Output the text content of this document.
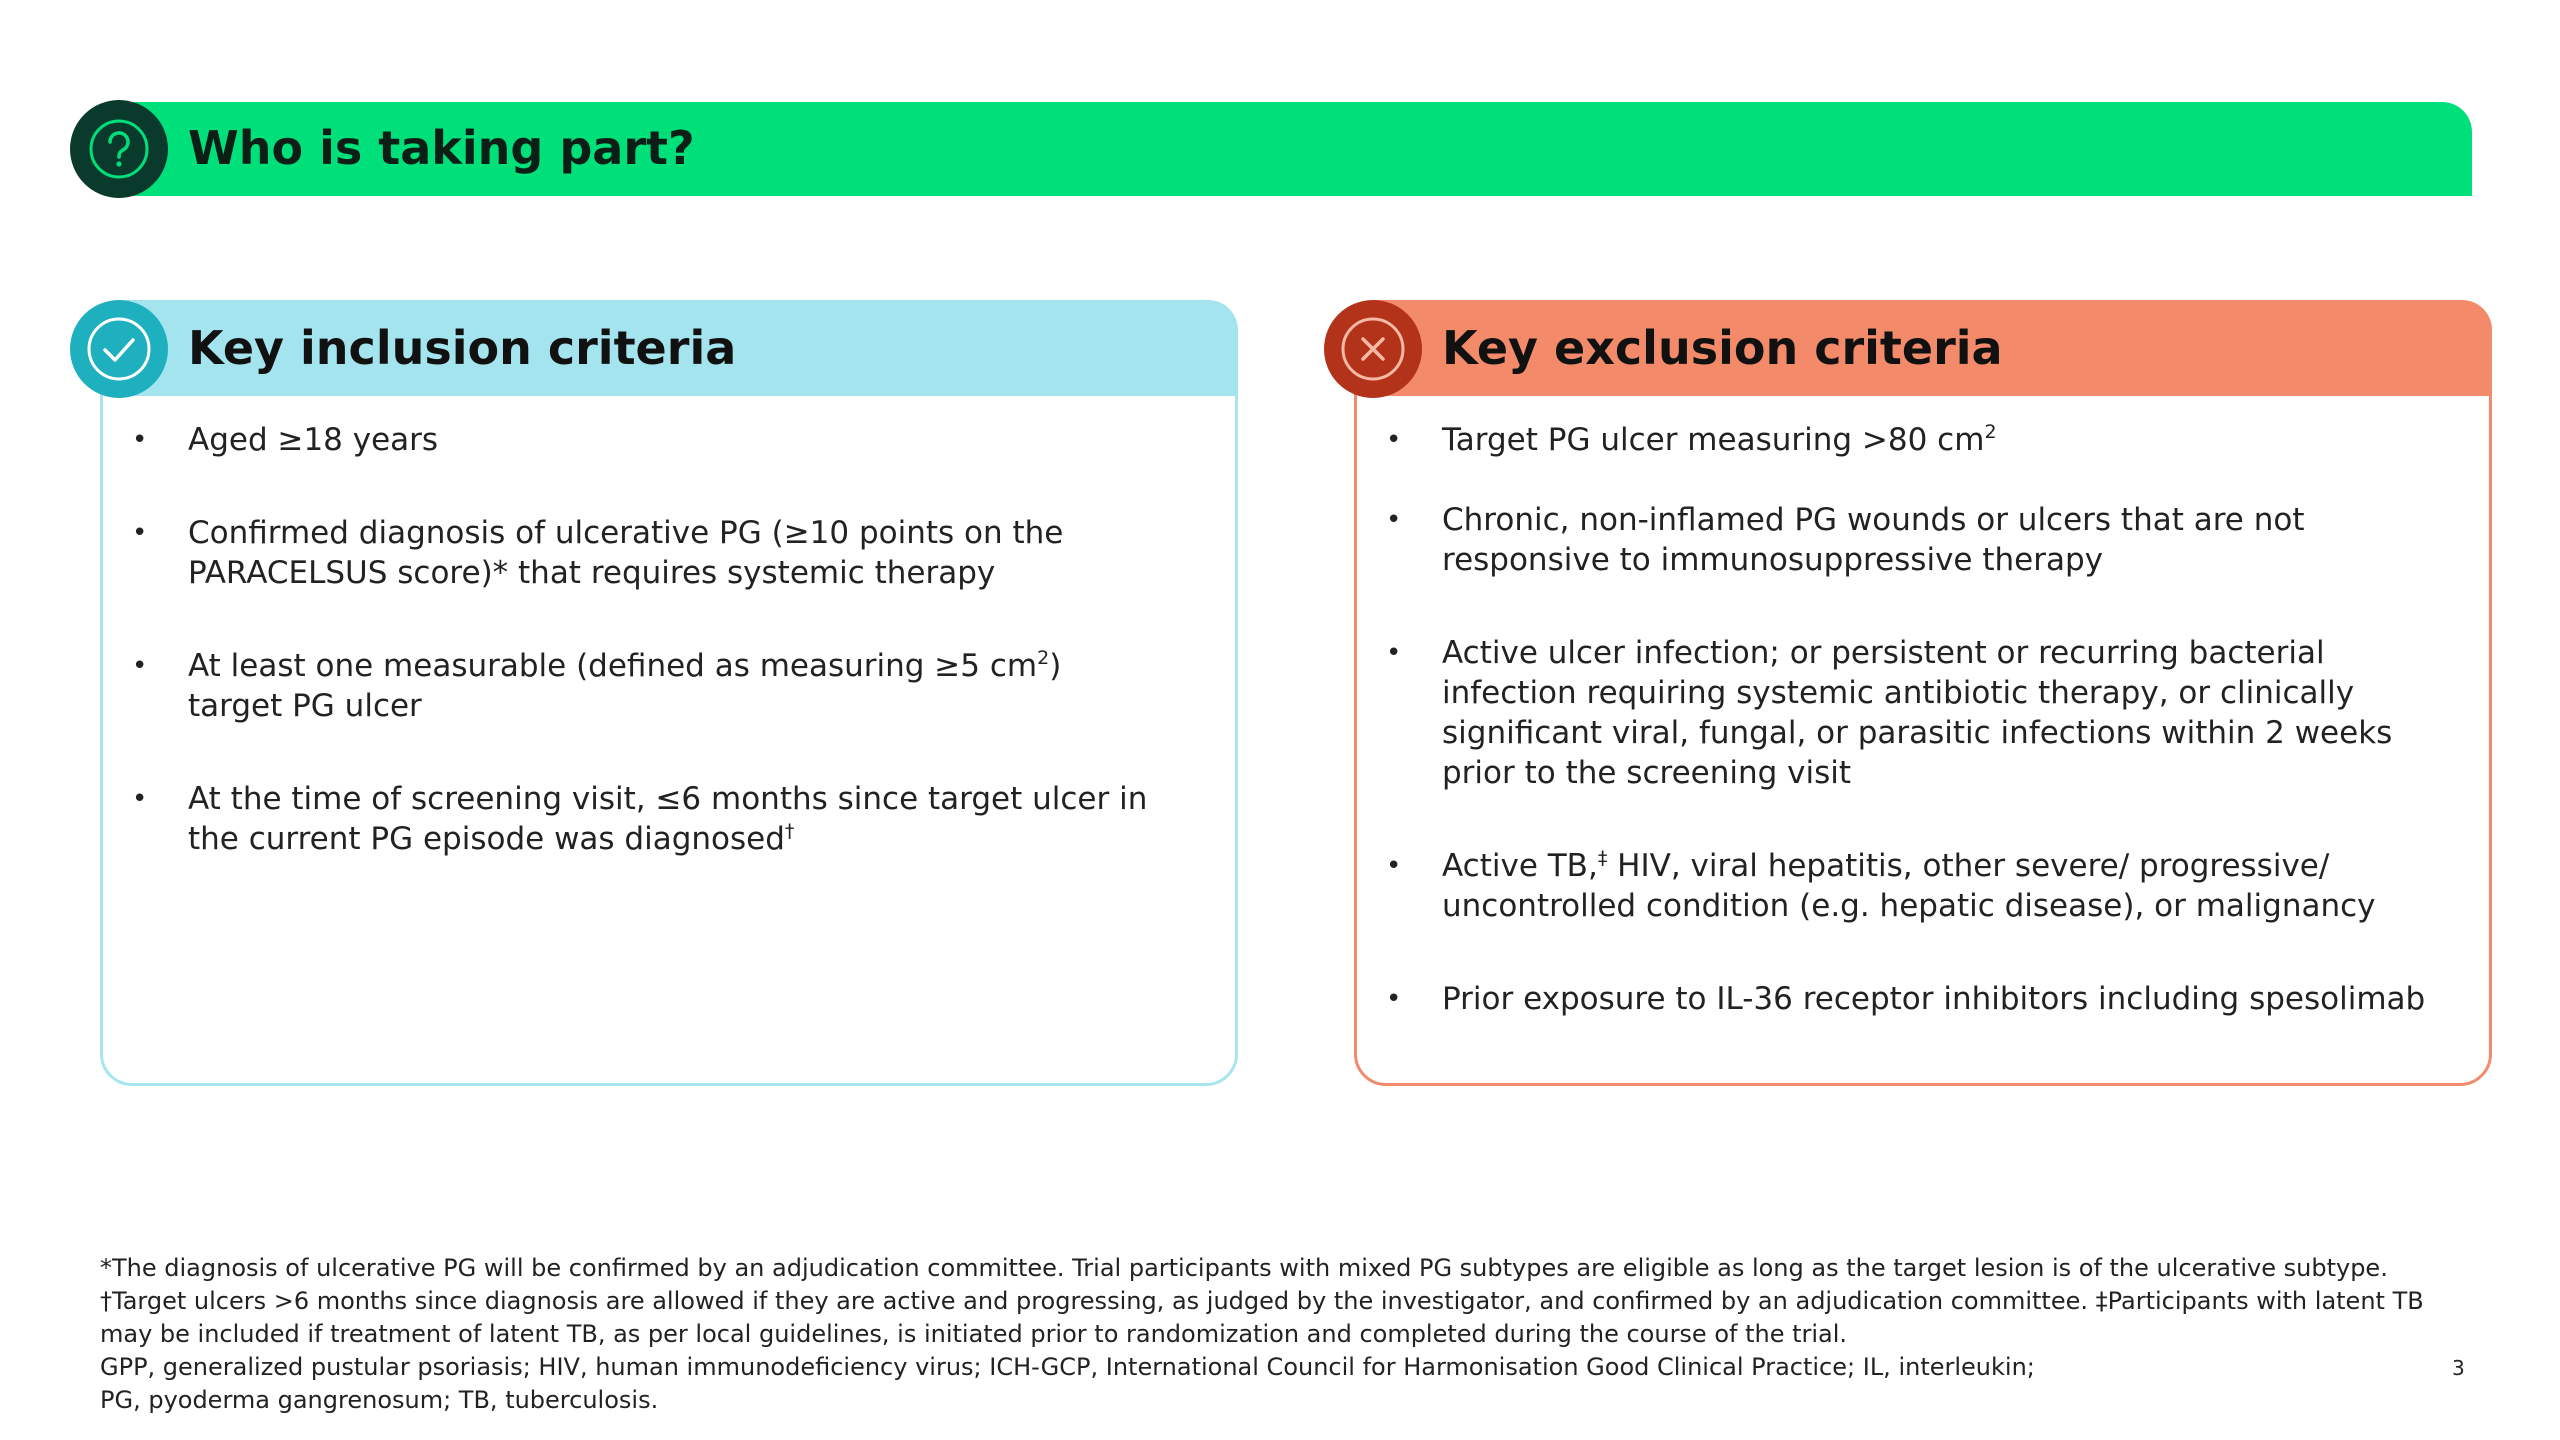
Who is taking part?
Key inclusion criteria
• Aged ≥18 years
• Confirmed diagnosis of ulcerative PG (≥10 points on the
PARACELSUS score)* that requires systemic therapy
• At least one measurable (defined as measuring ≥5 $cm^2$)
target PG ulcer
• At the time of screening visit, ≤6 months since target ulcer in
the current PG episode was diagnosed†
Key exclusion criteria
• Target PG ulcer measuring >80 $cm^2$
• Chronic, non-inflamed PG wounds or ulcers that are not
responsive to immunosuppressive therapy
• Active ulcer infection; or persistent or recurring bacterial
infection requiring systemic antibiotic therapy, or clinically
significant viral, fungal, or parasitic infections within 2 weeks
prior to the screening visit
• Active TB,‡ HIV, viral hepatitis, other severe/ progressive/
uncontrolled condition (e.g. hepatic disease), or malignancy
• Prior exposure to IL-36 receptor inhibitors including spesolimab
*The diagnosis of ulcerative PG will be confirmed by an adjudication committee. Trial participants with mixed PG subtypes are eligible as long as the target lesion is of the ulcerative subtype.
†Target ulcers >6 months since diagnosis are allowed if they are active and progressing, as judged by the investigator, and confirmed by an adjudication committee. ‡Participants with latent TB
may be included if treatment of latent TB, as per local guidelines, is initiated prior to randomization and completed during the course of the trial.
GPP, generalized pustular psoriasis; HIV, human immunodeficiency virus; ICH-GCP, International Council for Harmonisation Good Clinical Practice; IL, interleukin;
PG, pyoderma gangrenosum; TB, tuberculosis.
3
